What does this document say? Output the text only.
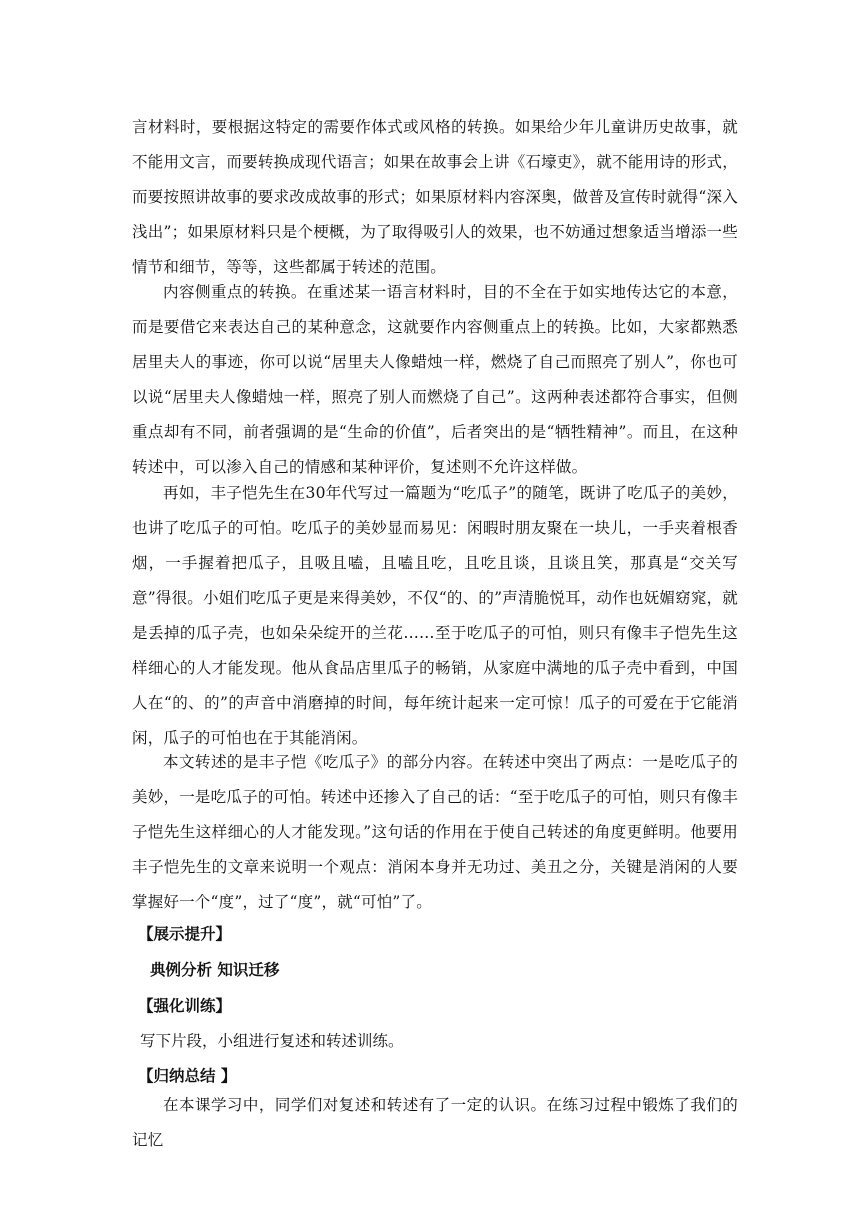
言材料时，要根据这特定的需要作体式或风格的转换。如果给少年儿童讲历史故事，就不能用文言，而要转换成现代语言；如果在故事会上讲《石壕吏》，就不能用诗的形式，而要按照讲故事的要求改成故事的形式；如果原材料内容深奥，做普及宣传时就得“深入浅出”；如果原材料只是个梗概，为了取得吸引人的效果，也不妨通过想象适当增添一些情节和细节，等等，这些都属于转述的范围。

内容侧重点的转换。在重述某一语言材料时，目的不全在于如实地传达它的本意，而是要借它来表达自己的某种意念，这就要作内容侧重点上的转换。比如，大家都熟悉居里夫人的事迹，你可以说“居里夫人像蜡烛一样，燃烧了自己而照亮了别人”，你也可以说“居里夫人像蜡烛一样，照亮了别人而燃烧了自己”。这两种表述都符合事实，但侧重点却有不同，前者强调的是“生命的价值”，后者突出的是“牺牲精神”。而且，在这种转述中，可以渗入自己的情感和某种评价，复述则不允许这样做。

再如，丰子恺先生在30年代写过一篇题为“吃瓜子”的随笔，既讲了吃瓜子的美妙，也讲了吃瓜子的可怕。吃瓜子的美妙显而易见：闲暇时朋友聚在一块儿，一手夹着根香烟，一手握着把瓜子，且吸且嗑，且嗑且吃，且吃且谈，且谈且笑，那真是“交关写意”得很。小姐们吃瓜子更是来得美妙，不仅“的、的”声清脆悦耳，动作也妩媚窈窕，就是丢掉的瓜子壳，也如朵朵绽开的兰花……至于吃瓜子的可怕，则只有像丰子恺先生这样细心的人才能发现。他从食品店里瓜子的畅销，从家庭中满地的瓜子壳中看到，中国人在“的、的”的声音中消磨掉的时间，每年统计起来一定可惊！瓜子的可爱在于它能消闲，瓜子的可怕也在于其能消闲。

本文转述的是丰子恺《吃瓜子》的部分内容。在转述中突出了两点：一是吃瓜子的美妙，一是吃瓜子的可怕。转述中还掺入了自己的话：“至于吃瓜子的可怕，则只有像丰子恺先生这样细心的人才能发现。”这句话的作用在于使自己转述的角度更鲜明。他要用丰子恺先生的文章来说明一个观点：消闲本身并无功过、美丑之分，关键是消闲的人要掌握好一个“度”，过了“度”，就“可怕”了。

【展示提升】

典例分析 知识迁移

【强化训练】

写下片段，小组进行复述和转述训练。

【归纳总结 】

在本课学习中，同学们对复述和转述有了一定的认识。在练习过程中锻炼了我们的记忆
